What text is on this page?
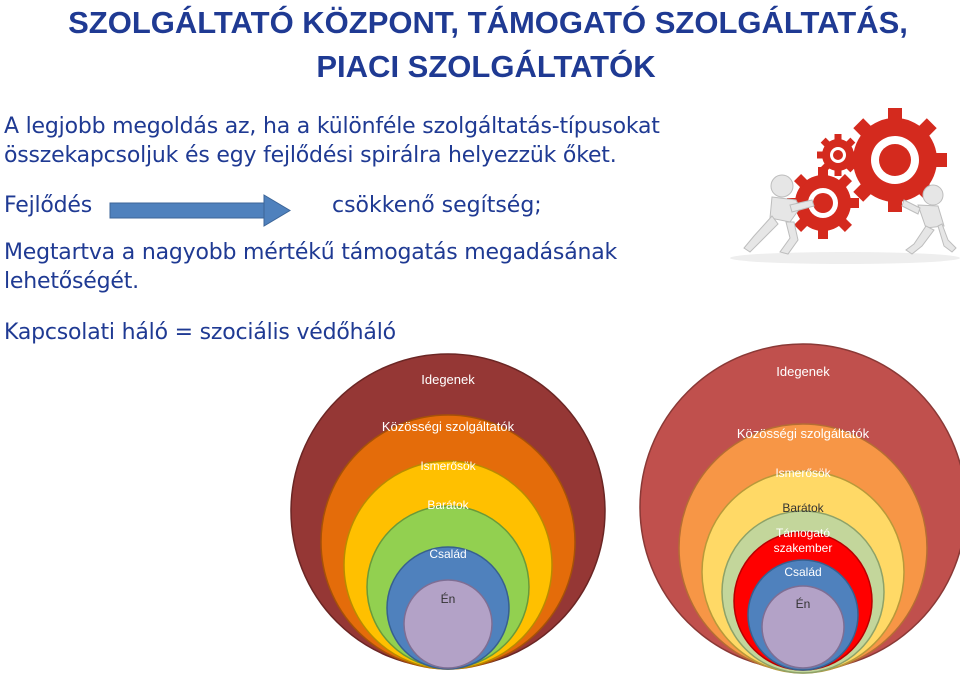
SZOLGÁLTATÓ KÖZPONT, TÁMOGATÓ SZOLGÁLTATÁS,
PIACI SZOLGÁLTATÓK

A legjobb megoldás az, ha a különféle szolgáltatás-típusokat összekapcsoljuk és egy fejlődési spirálra helyezzük őket.

Fejlődés	csökkenő segítség;

Megtartva a nagyobb mértékű támogatás megadásának lehetőségét.

Kapcsolati háló = szociális védőháló

Idegenek
Közösségi szolgáltatók
Ismerősök
Barátok
Család
Én
Idegenek
Közösségi szolgáltatók
Ismerősök
Barátok
Támogató
szakember
Család
Én
